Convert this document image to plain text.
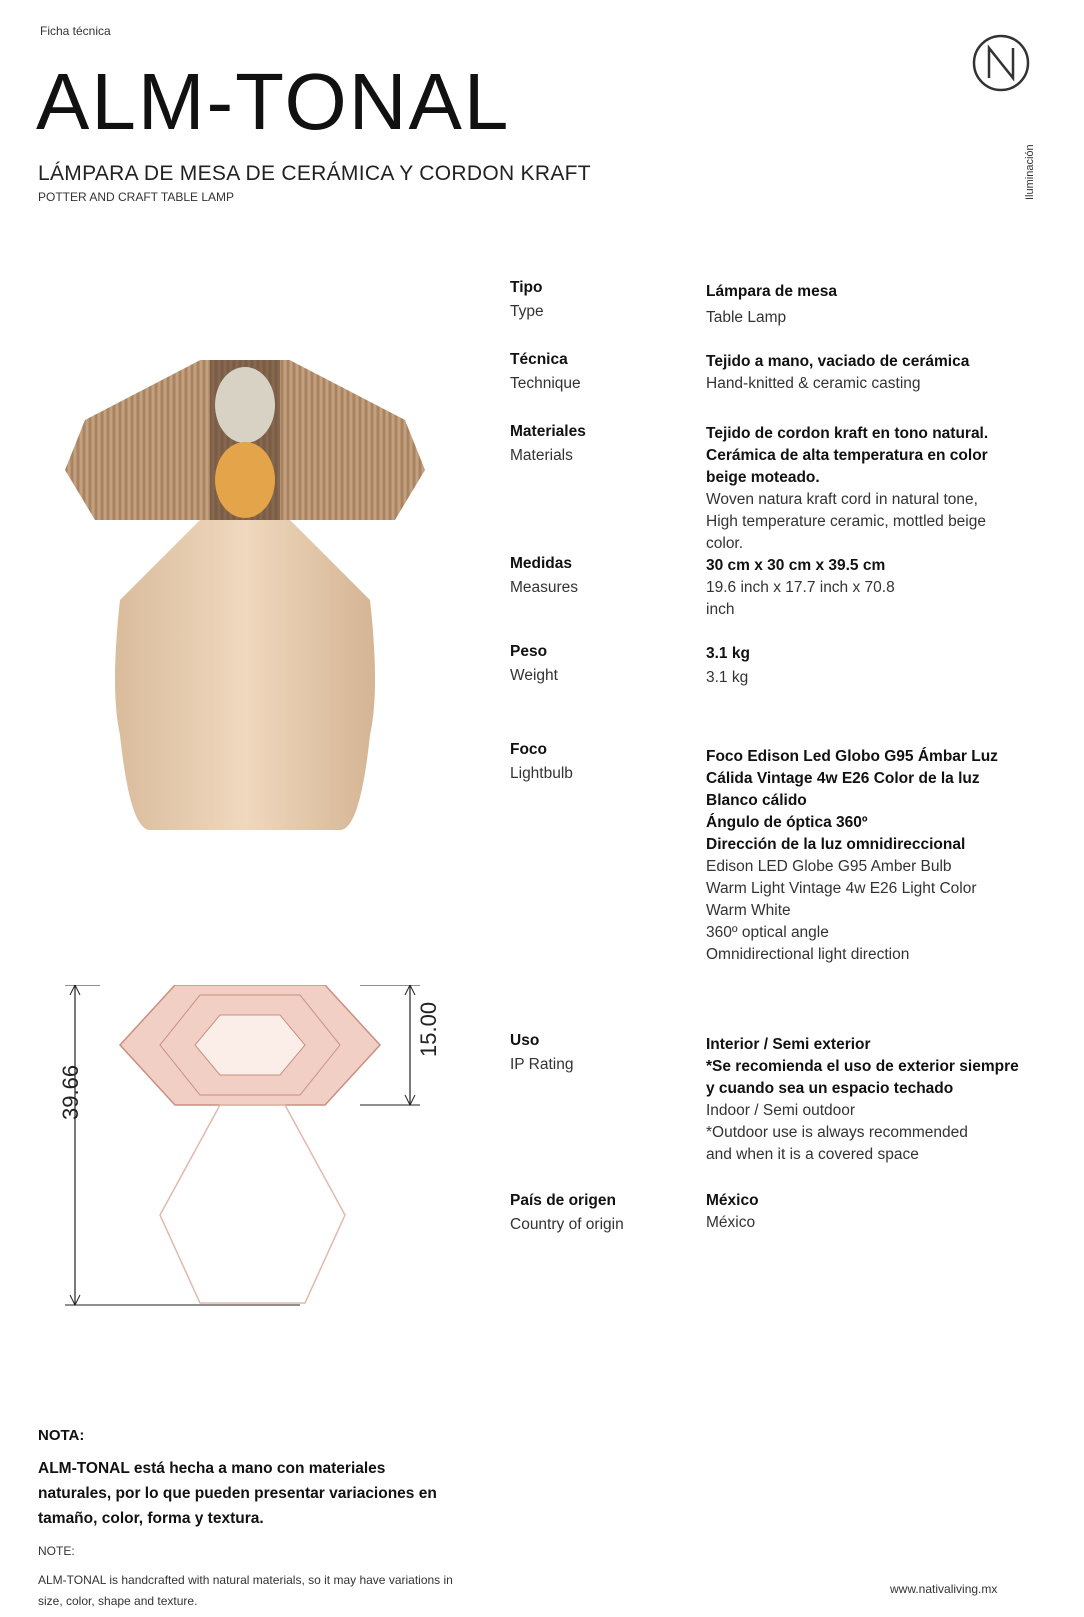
Ficha técnica
ALM-TONAL
LÁMPARA DE MESA DE CERÁMICA Y CORDON KRAFT
POTTER AND CRAFT TABLE LAMP	Iluminación
39.66
15.00
Tipo
Type
Lámpara de mesa
Table Lamp
Técnica
Technique
Tejido a mano, vaciado de cerámica
Hand-knitted & ceramic casting
Materiales
Materials
Tejido de cordon kraft en tono natural.
Cerámica de alta temperatura en color
beige moteado.
Woven natura kraft cord in natural tone,
High temperature ceramic, mottled beige
color.
Medidas
Measures
30 cm x 30 cm x 39.5 cm
19.6 inch x 17.7 inch x 70.8
inch
Peso
Weight
3.1 kg
3.1 kg
Foco
Lightbulb
Foco Edison Led Globo G95 Ámbar Luz
Cálida Vintage 4w E26 Color de la luz
Blanco cálido
Ángulo de óptica 360º
Dirección de la luz omnidireccional
Edison LED Globe G95 Amber Bulb
Warm Light Vintage 4w E26 Light Color
Warm White
360º optical angle
Omnidirectional light direction
Uso
IP Rating
Interior / Semi exterior
*Se recomienda el uso de exterior siempre
y cuando sea un espacio techado
Indoor / Semi outdoor
*Outdoor use is always recommended
and when it is a covered space
País de origen
Country of origin
México
México
NOTA:
ALM-TONAL está hecha a mano con materiales naturales, por lo que pueden presentar variaciones en tamaño, color, forma y textura.
NOTE:
ALM-TONAL is handcrafted with natural materials, so it may have variations in size, color, shape and texture.
www.nativaliving.mx
